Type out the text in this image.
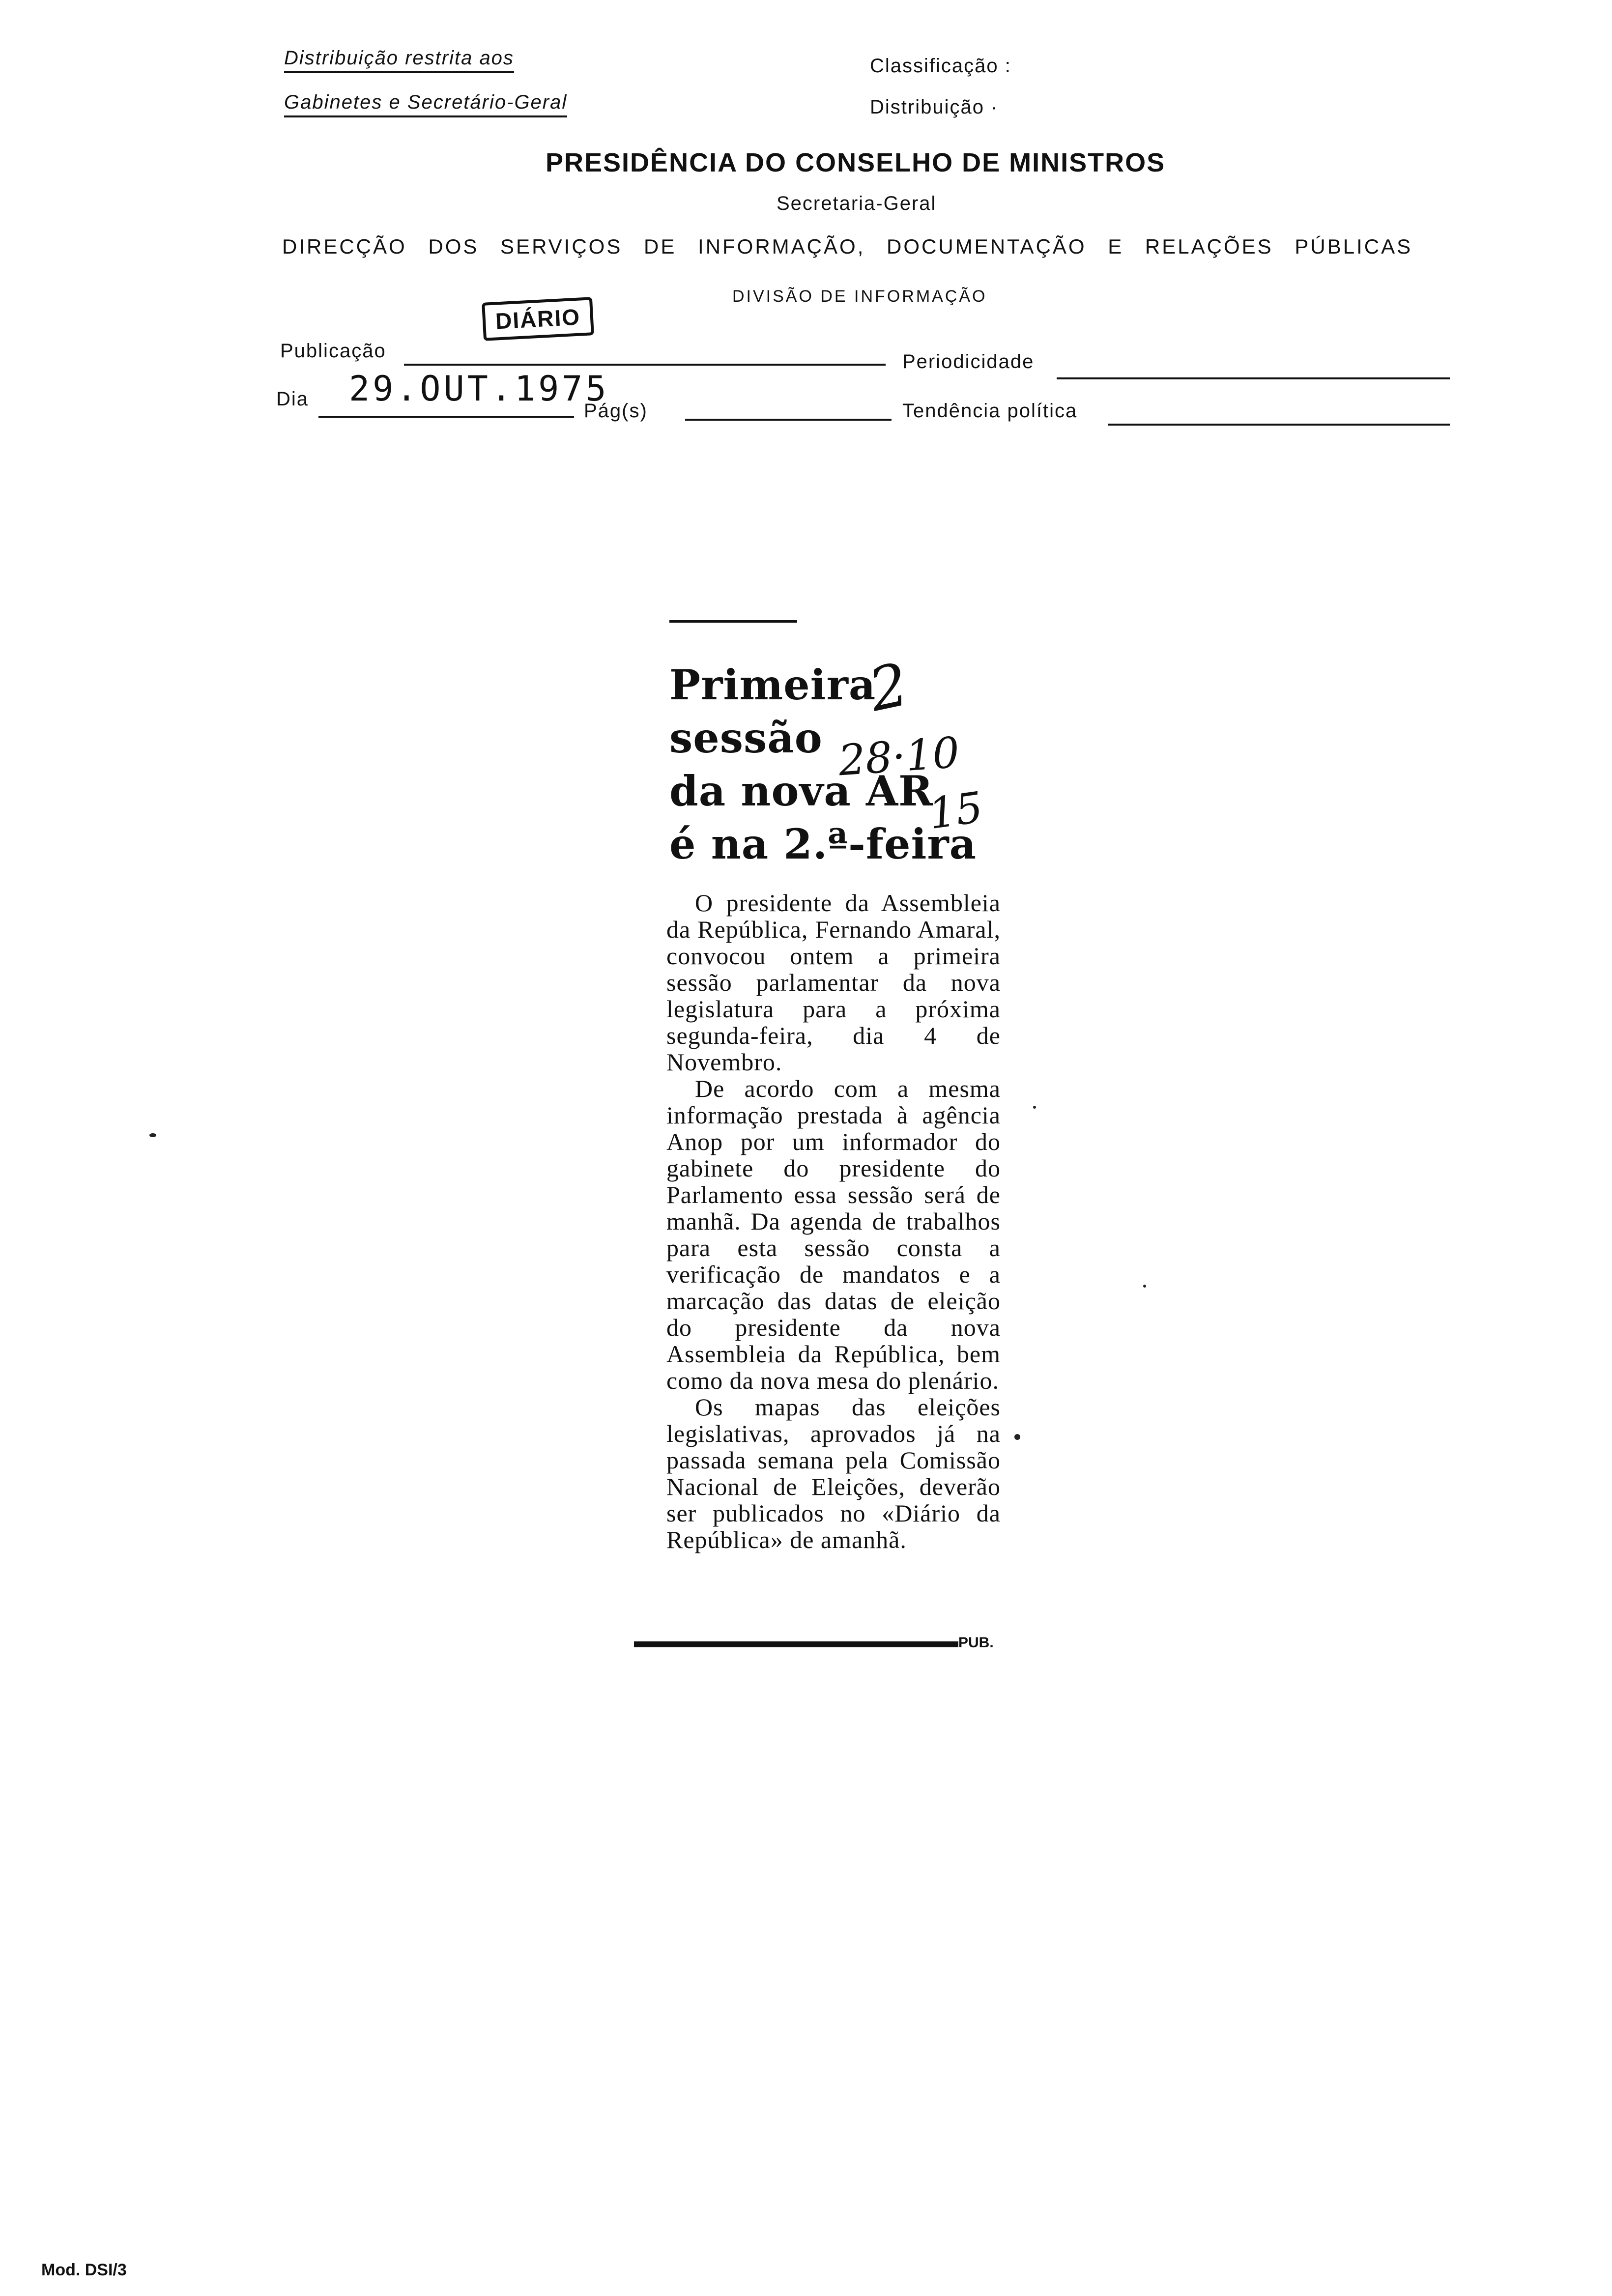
Distribuição restrita aos
Gabinetes e Secretário-Geral
Classificação :
Distribuição ·
PRESIDÊNCIA DO CONSELHO DE MINISTROS
Secretaria-Geral
DIRECÇÃO DOS SERVIÇOS DE INFORMAÇÃO, DOCUMENTAÇÃO E RELAÇÕES PÚBLICAS
DIVISÃO DE INFORMAÇÃO
Publicação
DIÁRIO
Periodicidade
Dia 29.OUT.1975
Pág(s)	Tendência política
Primeira
sessão
da nova AR
é na 2.ª-feira
2
28·10
15

O presidente da Assembleia da República, Fernando Amaral, convocou ontem a primeira sessão parlamentar da nova legislatura para a próxima segunda-feira, dia 4 de Novembro.

De acordo com a mesma informação prestada à agência Anop por um informador do gabinete do presidente do Parlamento essa sessão será de manhã. Da agenda de trabalhos para esta sessão consta a verificação de mandatos e a marcação das datas de eleição do presidente da nova Assembleia da República, bem como da nova mesa do plenário.

Os mapas das eleições legislativas, aprovados já na passada semana pela Comissão Nacional de Eleições, deverão ser publicados no «Diário da República» de amanhã.

PUB.
Mod. DSI/3
